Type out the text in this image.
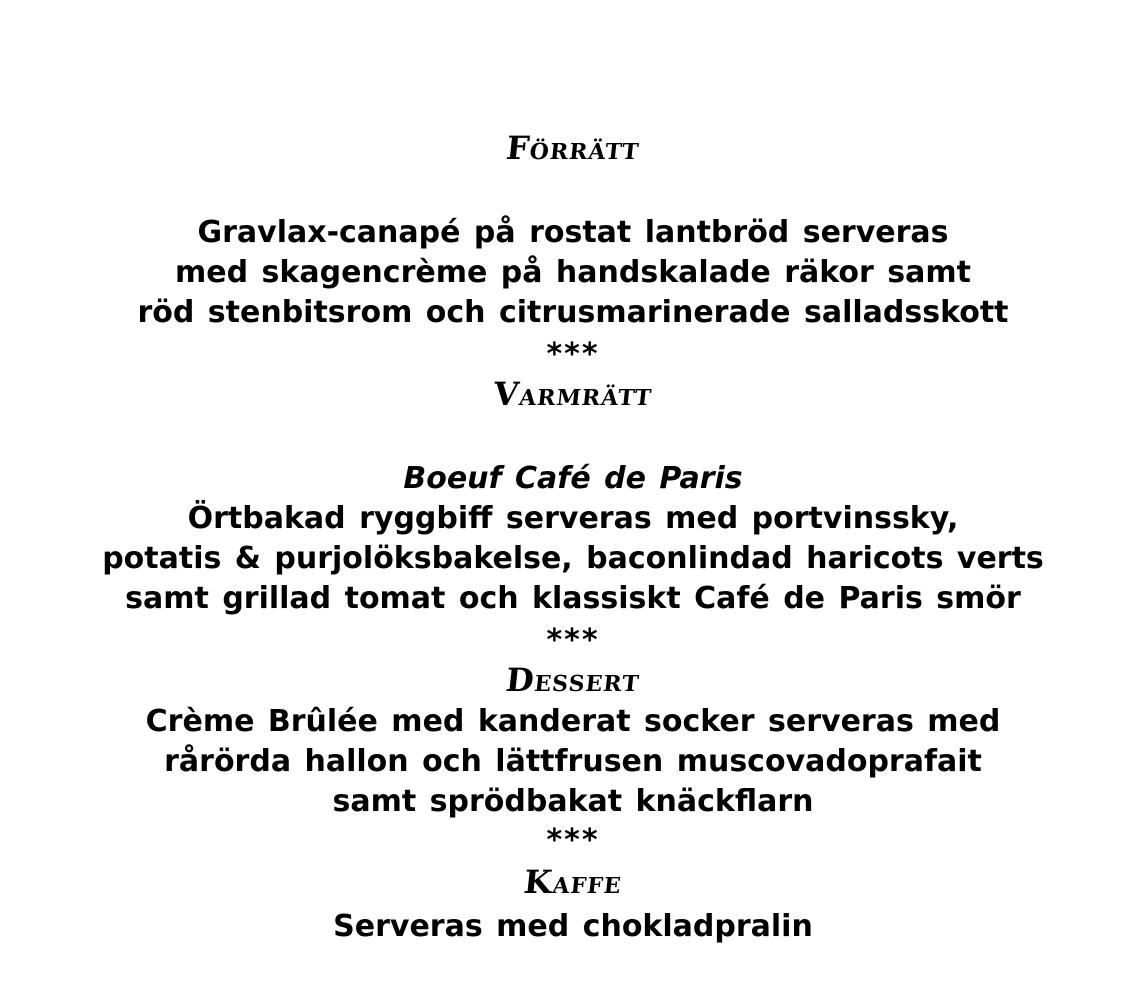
Förrätt
Gravlax-canapé på rostat lantbröd serveras
med skagencrème på handskalade räkor samt
röd stenbitsrom och citrusmarinerade salladsskott
***
Varmrätt
Boeuf Café de Paris
Örtbakad ryggbiff serveras med portvinssky,
potatis & purjolöksbakelse, baconlindad haricots verts
samt grillad tomat och klassiskt Café de Paris smör
***
Dessert
Crème Brûlée med kanderat socker serveras med
rårörda hallon och lättfrusen muscovadoprafait
samt sprödbakat knäckflarn
***
Kaffe
Serveras med chokladpralin
